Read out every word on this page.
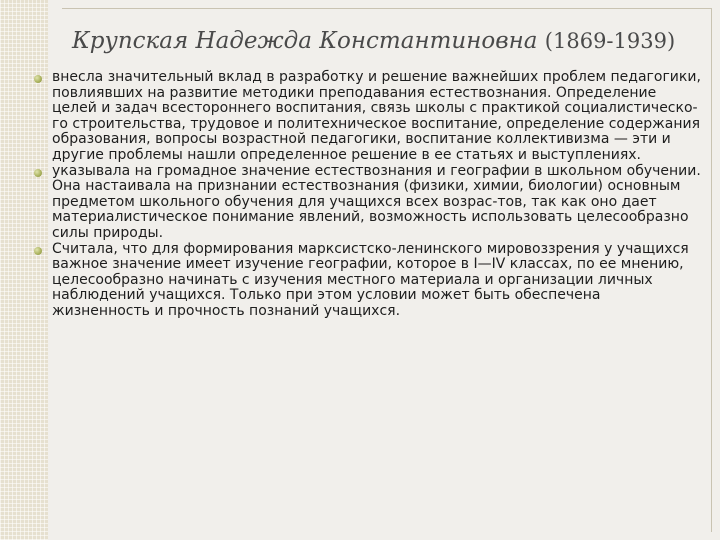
Крупская Надежда Константиновна (1869-1939)
внесла значительный вклад в разработку и решение важнейших проблем педагогики, повлиявших на развитие методики преподавания естествознания. Определение целей и задач всестороннего воспитания, связь школы с практикой социалистическо-го строительства, трудовое и политехническое воспитание, определение содержания образования, вопросы возрастной педагогики, воспитание коллективизма — эти и другие проблемы нашли определенное решение в ее статьях и выступлениях.
указывала на громадное значение естествознания и географии в школьном обучении. Она настаивала на признании естествознания (физики, химии, биологии) основным предметом школьного обучения для учащихся всех возрас-тов, так как оно дает материалистическое понимание явлений, возможность использовать целесообразно силы природы.
Считала, что для формирования марксистско-ленинского мировоззрения у учащихся важное значение имеет изучение географии, которое в I—IV классах, по ее мнению, целесообразно начинать с изучения местного материала и организации личных наблюдений учащихся. Только при этом условии может быть обеспечена жизненность и прочность познаний учащихся.
